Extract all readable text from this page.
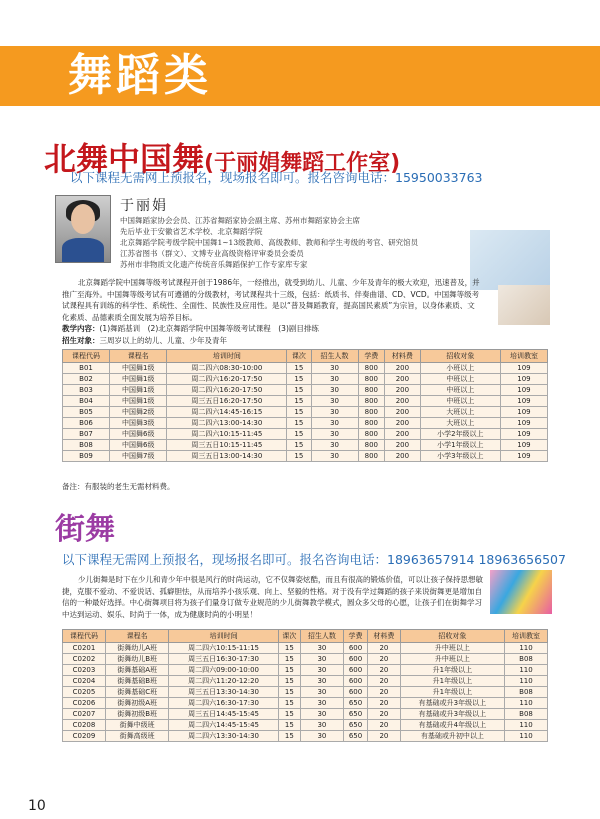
舞蹈类
北舞中国舞(于丽娟舞蹈工作室)
以下课程无需网上预报名，现场报名即可。报名咨询电话：15950033763
于丽娟
中国舞蹈家协会会员、江苏省舞蹈家协会副主席、苏州市舞蹈家协会主席
先后毕业于安徽省艺术学校、北京舞蹈学院
北京舞蹈学院考级学院中国舞1~13级教师、高级教师、教师和学生考级的考官、研究馆员
江苏省图书（群文）、文博专业高级资格评审委员会委员
苏州市非物质文化遗产传统音乐舞蹈保护工作专家库专家
北京舞蹈学院中国舞等级考试课程开创于1986年，一经推出，就受到幼儿、儿童、少年及青年的极大欢迎，迅速普及，并
推广至海外。中国舞等级考试有可遵循的分级教材，考试课程共十三级，包括：纸质书、伴奏曲谱、CD、VCD。中国舞等级考
试课程具有训练的科学性、系统性、全面性、民族性及应用性。是以“普及舞蹈教育，提高国民素质”为宗旨，以身体素质、文
化素质、品德素质全面发展为培养目标。
教学内容：(1)舞蹈基训　(2)北京舞蹈学院中国舞等级考试课程　(3)剧目排练
招生对象：三周岁以上的幼儿、儿童、少年及青年
课程代码	课程名	培训时间	课次	招生人数	学费	材料费	招收对象	培训教室
B01	中国舞1级	周二四六08:30-10:00	15	30	800	200	小班以上	109
B02	中国舞1级	周二四六16:20-17:50	15	30	800	200	中班以上	109
B03	中国舞1级	周二四六16:20-17:50	15	30	800	200	中班以上	109
B04	中国舞1级	周三五日16:20-17:50	15	30	800	200	中班以上	109
B05	中国舞2级	周二四六14:45-16:15	15	30	800	200	大班以上	109
B06	中国舞3级	周二四六13:00-14:30	15	30	800	200	大班以上	109
B07	中国舞6级	周二四六10:15-11:45	15	30	800	200	小学2年级以上	109
B08	中国舞6级	周三五日10:15-11:45	15	30	800	200	小学1年级以上	109
B09	中国舞7级	周三五日13:00-14:30	15	30	800	200	小学3年级以上	109
备注：有服装的老生无需材料费。
街舞
以下课程无需网上预报名，现场报名即可。报名咨询电话：18963657914 18963656507
少儿街舞是时下在少儿和青少年中很是风行的时尚运动，它不仅舞姿炫酷，而且有很高的锻炼价值，可以让孩子保持思想敏
捷，克服不爱动、不爱说话、孤癖胆怯，从而培养小孩乐观、向上、坚毅的性格。对于没有学过舞蹈的孩子来说街舞更是增加自
信的一种最好选择。中心街舞项目将为孩子们量身订做专业规范的少儿街舞教学模式，圆众多父母的心愿，让孩子们在街舞学习
中达到运动、娱乐、时尚于一体，成为健康时尚的小明星！
课程代码	课程名	培训时间	课次	招生人数	学费	材料费	招收对象	培训教室
C0201	街舞幼儿A班	周二四六10:15-11:15	15	30	600	20	升中班以上	110
C0202	街舞幼儿B班	周三五日16:30-17:30	15	30	600	20	升中班以上	B08
C0203	街舞基础A班	周二四六09:00-10:00	15	30	600	20	升1年级以上	110
C0204	街舞基础B班	周二四六11:20-12:20	15	30	600	20	升1年级以上	110
C0205	街舞基础C班	周三五日13:30-14:30	15	30	600	20	升1年级以上	B08
C0206	街舞初级A班	周二四六16:30-17:30	15	30	650	20	有基础或升3年级以上	110
C0207	街舞初级B班	周三五日14:45-15:45	15	30	650	20	有基础或升3年级以上	B08
C0208	街舞中级班	周二四六14:45-15:45	15	30	650	20	有基础或升4年级以上	110
C0209	街舞高级班	周二四六13:30-14:30	15	30	650	20	有基础或升初中以上	110
10
